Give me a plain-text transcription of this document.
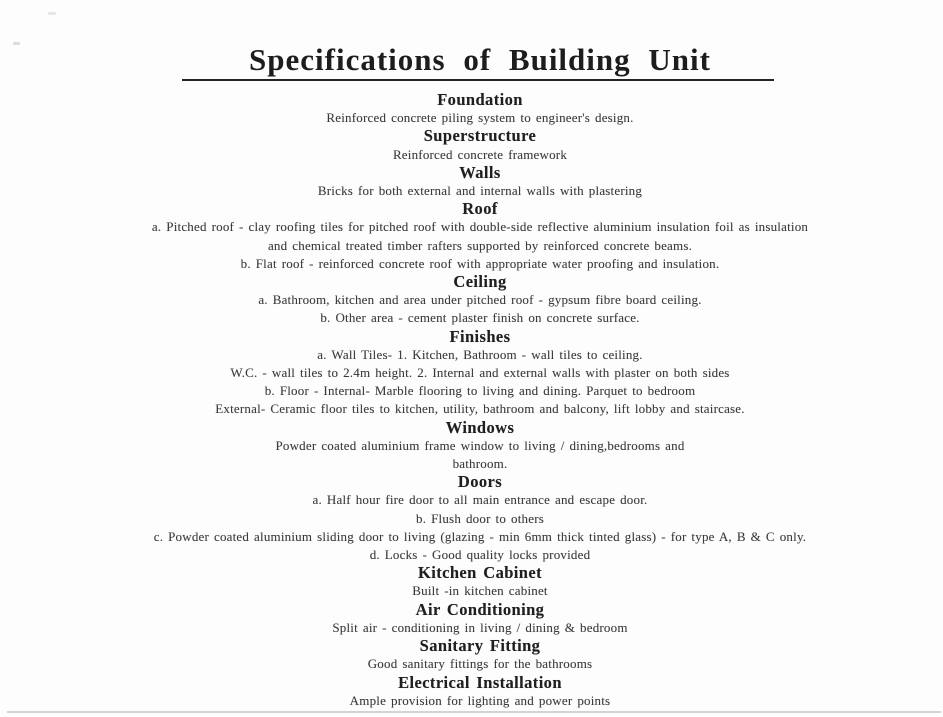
Specifications of Building Unit
Foundation

Reinforced concrete piling system to engineer's design.

Superstructure

Reinforced concrete framework

Walls

Bricks for both external and internal walls with plastering

Roof

a. Pitched roof - clay roofing tiles for pitched roof with double-side reflective aluminium insulation foil as insulation

and chemical treated timber rafters supported by reinforced concrete beams.

b. Flat roof - reinforced concrete roof with appropriate water proofing and insulation.

Ceiling

a. Bathroom, kitchen and area under pitched roof - gypsum fibre board ceiling.

b. Other area - cement plaster finish on concrete surface.

Finishes

a. Wall Tiles- 1. Kitchen, Bathroom - wall tiles to ceiling.

W.C. - wall tiles to 2.4m height. 2. Internal and external walls with plaster on both sides

b. Floor - Internal- Marble flooring to living and dining. Parquet to bedroom

External- Ceramic floor tiles to kitchen, utility, bathroom and balcony, lift lobby and staircase.

Windows

Powder coated aluminium frame window to living / dining,bedrooms and

bathroom.

Doors

a. Half hour fire door to all main entrance and escape door.

b. Flush door to others

c. Powder coated aluminium sliding door to living (glazing - min 6mm thick tinted glass) - for type A, B & C only.

d. Locks - Good quality locks provided

Kitchen Cabinet

Built -in kitchen cabinet

Air Conditioning

Split air - conditioning in living / dining & bedroom

Sanitary Fitting

Good sanitary fittings for the bathrooms

Electrical Installation

Ample provision for lighting and power points
